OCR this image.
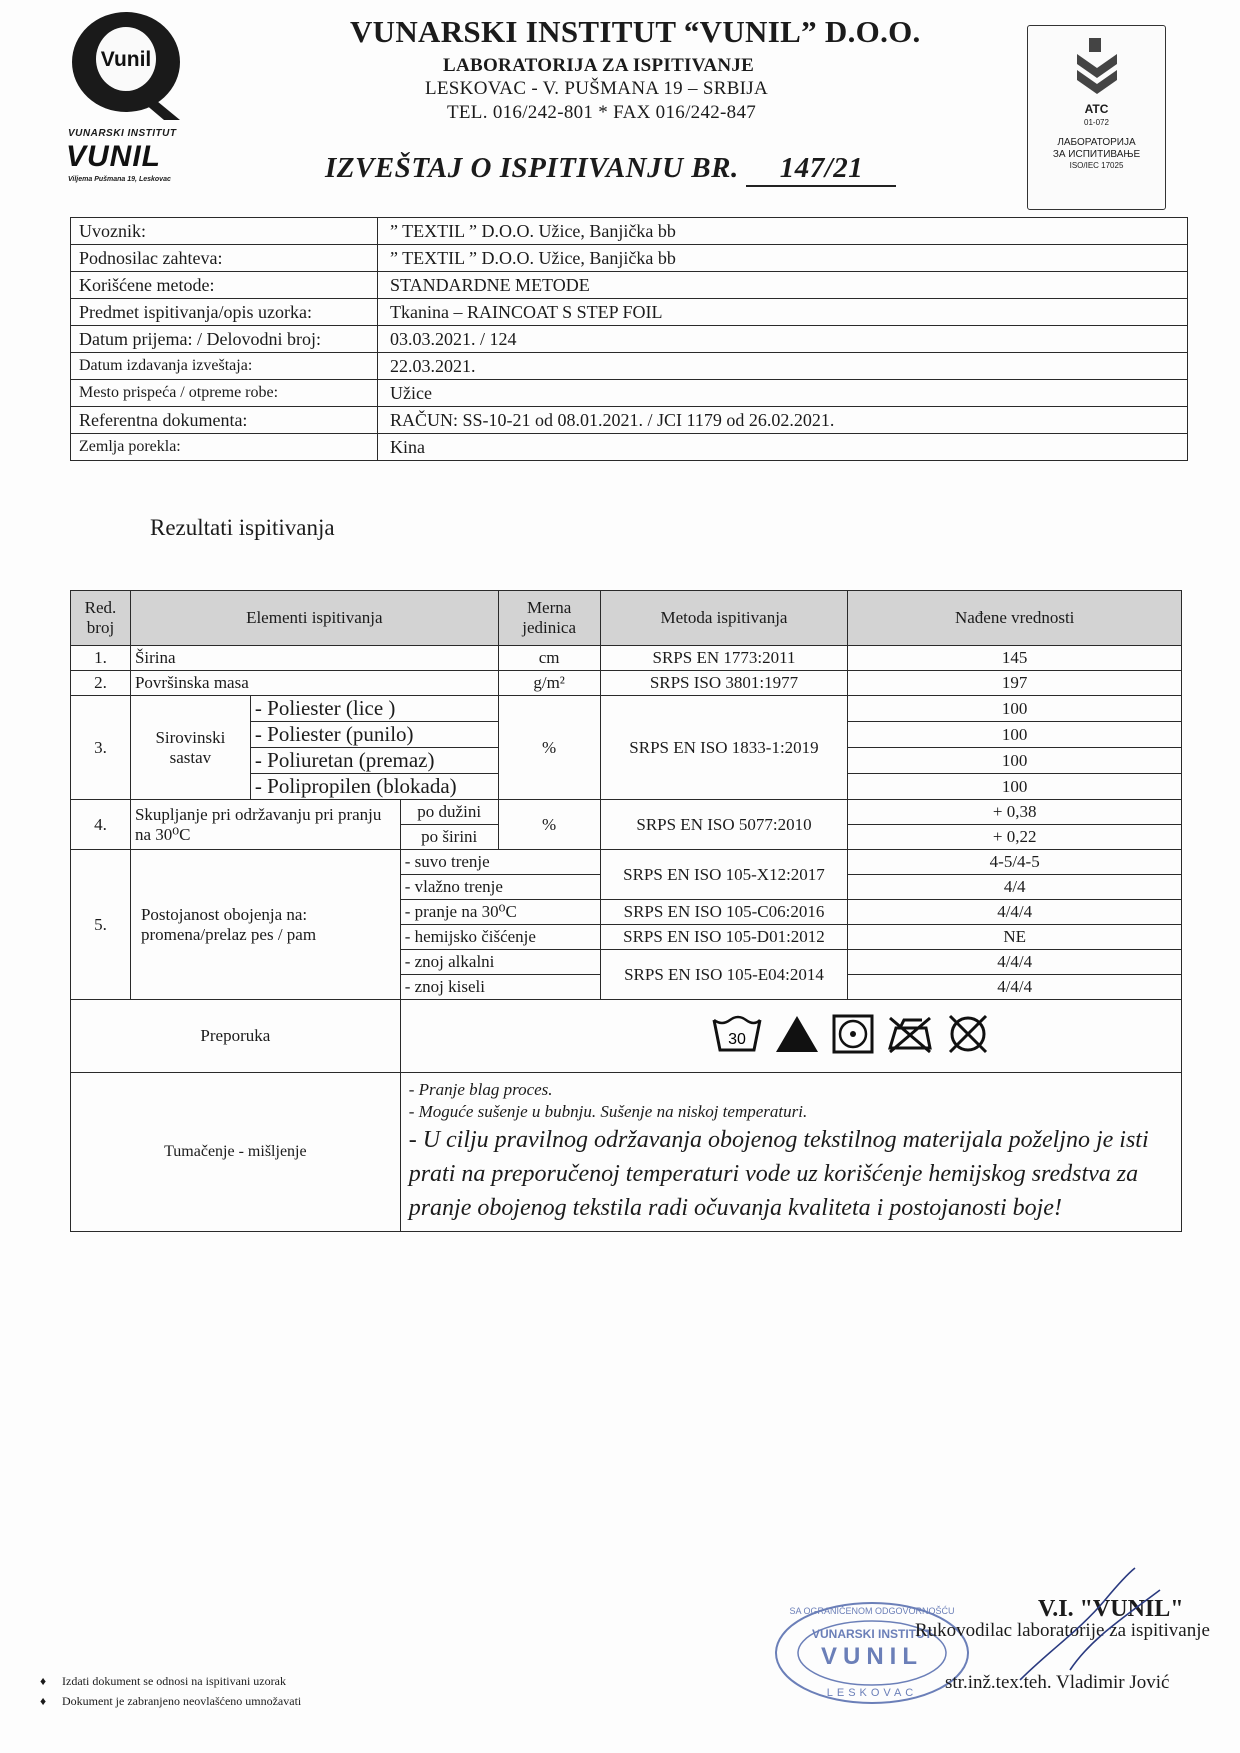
Vunil
VUNARSKI INSTITUT
VUNIL
Viljema Pušmana 19, Leskovac
VUNARSKI INSTITUT “VUNIL” D.O.O.
LABORATORIJA ZA ISPITIVANJE
LESKOVAC - V. PUŠMANA 19 – SRBIJA
TEL. 016/242-801 * FAX 016/242-847
IZVEŠTAJ O ISPITIVANJU BR. 147/21
ATC
01-072
ЛАБОРАТОРИЈА
ЗА ИСПИТИВАЊЕ
ISO/IEC 17025
Uvoznik:	” TEXTIL ” D.O.O. Užice, Banjička bb
Podnosilac zahteva:	” TEXTIL ” D.O.O. Užice, Banjička bb
Korišćene metode:	STANDARDNE METODE
Predmet ispitivanja/opis uzorka:	Tkanina – RAINCOAT S STEP FOIL
Datum prijema: / Delovodni broj:	03.03.2021. / 124
Datum izdavanja izveštaja:	22.03.2021.
Mesto prispeća / otpreme robe:	Užice
Referentna dokumenta:	RAČUN: SS-10-21 od 08.01.2021. / JCI 1179 od 26.02.2021.
Zemlja porekla:	Kina
Rezultati ispitivanja
Red. broj	Elementi ispitivanja			Merna jedinica	Metoda ispitivanja	Nađene vrednosti
1.	Širina			cm	SRPS EN 1773:2011	145
2.	Površinska masa			g/m²	SRPS ISO 3801:1977	197
3.	Sirovinski sastav	- Poliester (lice )		%	SRPS EN ISO 1833-1:2019	100
		- Poliester (punilo)				100
		- Poliuretan (premaz)				100
		- Polipropilen (blokada)				100
4.	Skupljanje pri održavanju pri pranju na 30⁰C		po dužini	%	SRPS EN ISO 5077:2010	+ 0,38
			po širini			+ 0,22
5.	Postojanost obojenja na: promena/prelaz pes / pam		- suvo trenje		SRPS EN ISO 105-X12:2017	4-5/4-5
			- vlažno trenje			4/4
			- pranje na 30⁰C		SRPS EN ISO 105-C06:2016	4/4/4
			- hemijsko čišćenje		SRPS EN ISO 105-D01:2012	NE
			- znoj alkalni		SRPS EN ISO 105-E04:2014	4/4/4
			- znoj kiseli			4/4/4
Preporuka			30			

Tumačenje - mišljenje			- Pranje blag proces.
- Moguće sušenje u bubnju. Sušenje na niskoj temperaturi.
- U cilju pravilnog održavanja obojenog tekstilnog materijala poželjno je isti prati na preporučenoj temperaturi vode uz korišćenje hemijskog sredstva za pranje obojenog tekstila radi očuvanja kvaliteta i postojanosti boje!			
SA OGRANIČENOM ODGOVORNOŠĆU
VUNARSKI INSTITUT
VUNIL
LESKOVAC
V.I. "VUNIL"
Rukovodilac laboratorije za ispitivanje
str.inž.tex.teh. Vladimir Jović
♦ Izdati dokument se odnosi na ispitivani uzorak
♦ Dokument je zabranjeno neovlašćeno umnožavati
